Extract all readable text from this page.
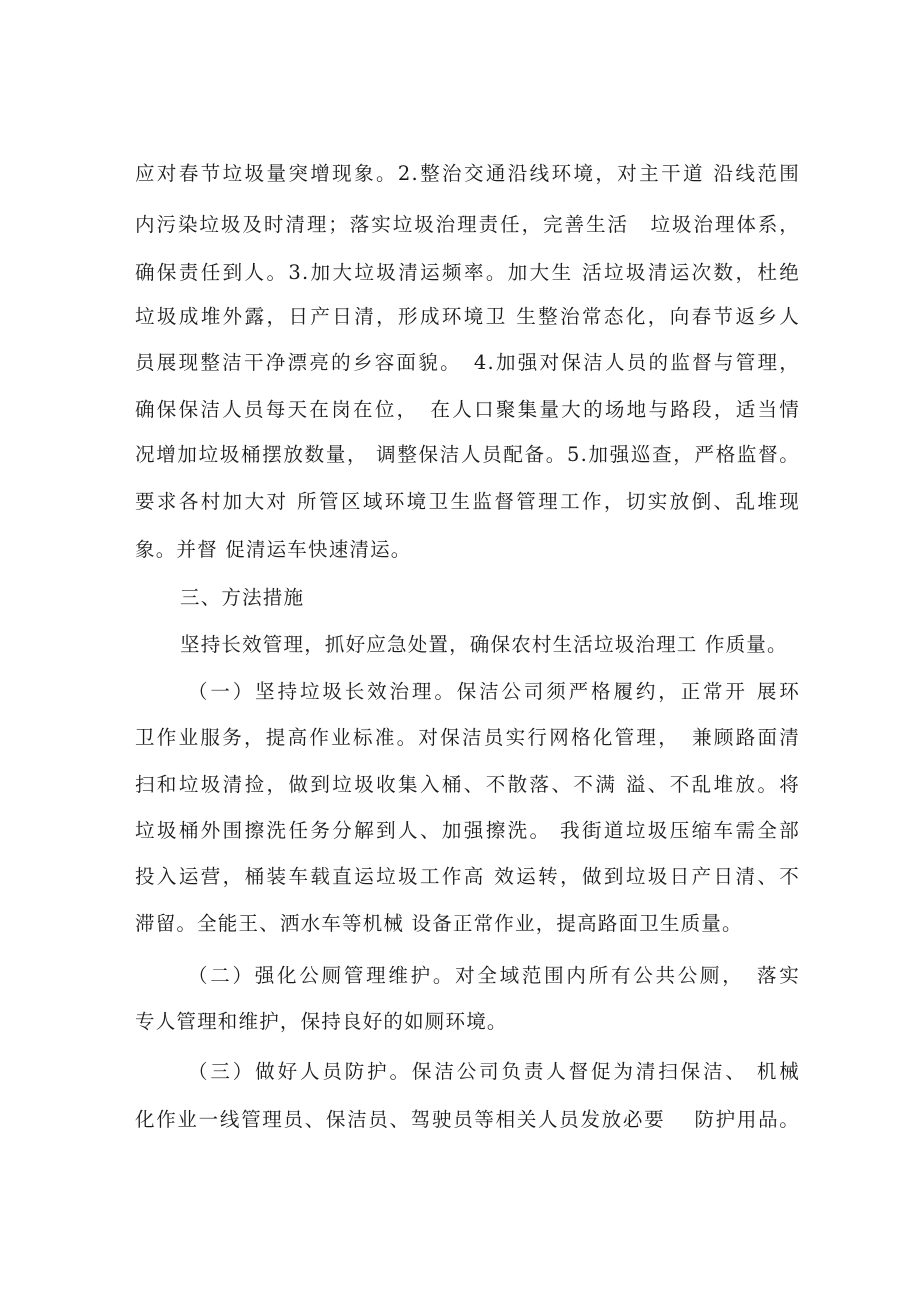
应对春节垃圾量突增现象。2.整治交通沿线环境，对主干道 沿线范围
内污染垃圾及时清理；落实垃圾治理责任，完善生活　垃圾治理体系，
确保责任到人。3.加大垃圾清运频率。加大生 活垃圾清运次数，杜绝
垃圾成堆外露，日产日清，形成环境卫 生整治常态化，向春节返乡人
员展现整洁干净漂亮的乡容面貌。　4.加强对保洁人员的监督与管理，
确保保洁人员每天在岗在位，　在人口聚集量大的场地与路段，适当情
况增加垃圾桶摆放数量， 调整保洁人员配备。5.加强巡查，严格监督。
要求各村加大对 所管区域环境卫生监督管理工作，切实放倒、乱堆现
象。并督 促清运车快速清运。
三、方法措施
坚持长效管理，抓好应急处置，确保农村生活垃圾治理工 作质量。
（一）坚持垃圾长效治理。保洁公司须严格履约，正常开 展环
卫作业服务，提高作业标准。对保洁员实行网格化管理，　兼顾路面清
扫和垃圾清捡，做到垃圾收集入桶、不散落、不满 溢、不乱堆放。将
垃圾桶外围擦洗任务分解到人、加强擦洗。 我街道垃圾压缩车需全部
投入运营，桶装车载直运垃圾工作高 效运转，做到垃圾日产日清、不
滞留。全能王、洒水车等机械 设备正常作业，提高路面卫生质量。
（二）强化公厕管理维护。对全域范围内所有公共公厕，　落实
专人管理和维护，保持良好的如厕环境。
（三）做好人员防护。保洁公司负责人督促为清扫保洁、 机械
化作业一线管理员、保洁员、驾驶员等相关人员发放必要　 防护用品。
